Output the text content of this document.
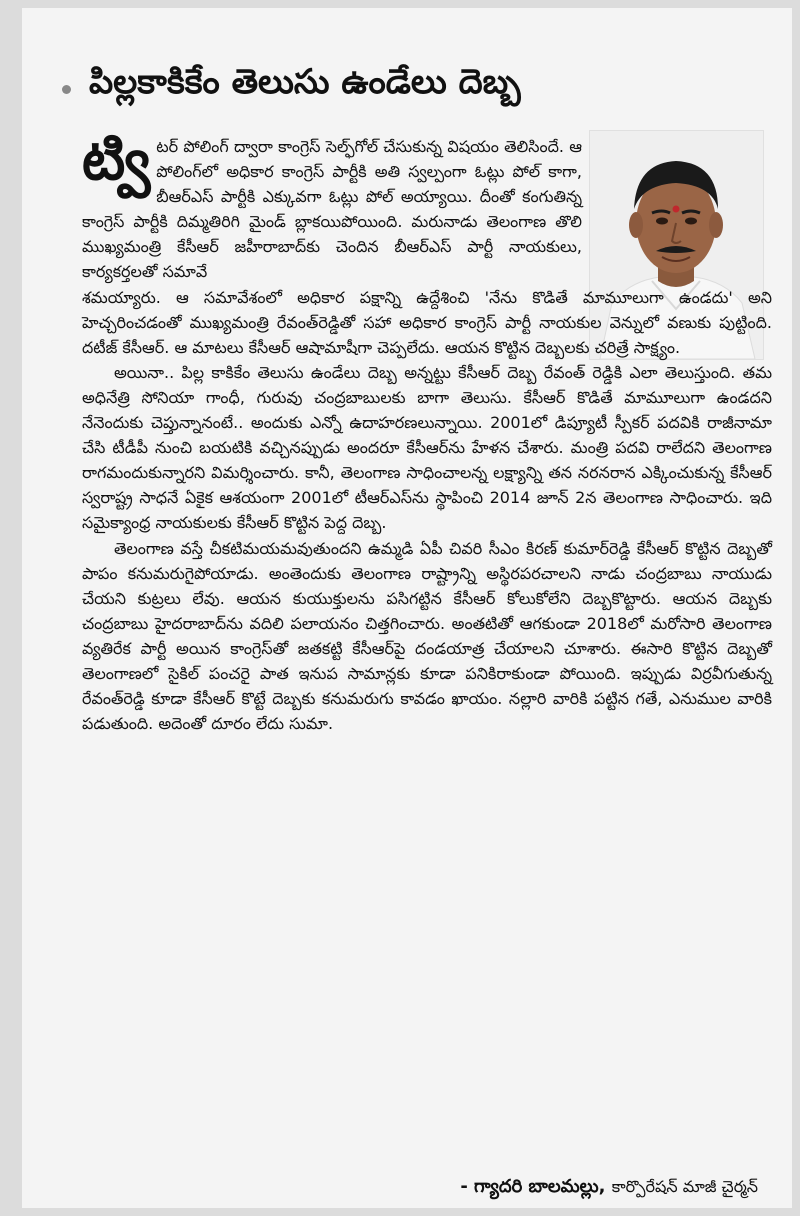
పిల్లకాకికేం తెలుసు ఉండేలు దెబ్బ
ట్వి టర్ పోలింగ్ ద్వారా కాంగ్రెస్ సెల్ఫ్‌గోల్ చేసుకున్న విషయం తెలిసిందే. ఆ పోలింగ్‌లో అధికార కాంగ్రెస్ పార్టీకి అతి స్వల్పంగా ఓట్లు పోల్ కాగా, బీఆర్ఎస్ పార్టీకి ఎక్కువగా ఓట్లు పోల్ అయ్యాయి. దీంతో కంగుతిన్న కాంగ్రెస్ పార్టీకి దిమ్మతిరిగి మైండ్ బ్లాకయిపోయింది. మరునాడు తెలంగాణ తొలి ముఖ్యమంత్రి కేసీఆర్ జహీరాబాద్‌కు చెందిన బీఆర్ఎస్ పార్టీ నాయకులు, కార్యకర్తలతో సమావే

శమయ్యారు. ఆ సమావేశంలో అధికార పక్షాన్ని ఉద్దేశించి 'నేను కొడితే మామూలుగా ఉండదు' అని హెచ్చరించడంతో ముఖ్యమంత్రి రేవంత్‌రెడ్డితో సహా అధికార కాంగ్రెస్ పార్టీ నాయకుల వెన్నులో వణుకు పుట్టింది. దటీజ్ కేసీఆర్. ఆ మాటలు కేసీఆర్ ఆషామాషీగా చెప్పలేదు. ఆయన కొట్టిన దెబ్బలకు చరిత్రే సాక్ష్యం.

అయినా.. పిల్ల కాకికేం తెలుసు ఉండేలు దెబ్బ అన్నట్టు కేసీఆర్ దెబ్బ రేవంత్ రెడ్డికి ఎలా తెలుస్తుంది. తమ అధినేత్రి సోనియా గాంధీ, గురువు చంద్రబాబులకు బాగా తెలుసు. కేసీఆర్ కొడితే మామూలుగా ఉండదని నేనెందుకు చెప్తున్నానంటే.. అందుకు ఎన్నో ఉదాహరణలున్నాయి. 2001లో డిప్యూటీ స్పీకర్ పదవికి రాజీనామా చేసి టీడీపీ నుంచి బయటికి వచ్చినప్పుడు అందరూ కేసీఆర్‌ను హేళన చేశారు. మంత్రి పదవి రాలేదని తెలంగాణ రాగమందుకున్నారని విమర్శించారు. కానీ, తెలంగాణ సాధించాలన్న లక్ష్యాన్ని తన నరనరాన ఎక్కించుకున్న కేసీఆర్ స్వరాష్ట్ర సాధనే ఏకైక ఆశయంగా 2001లో టీఆర్ఎస్‌ను స్థాపించి 2014 జూన్ 2న తెలంగాణ సాధించారు. ఇది సమైక్యాంధ్ర నాయకులకు కేసీఆర్ కొట్టిన పెద్ద దెబ్బ.

తెలంగాణ వస్తే చీకటిమయమవుతుందని ఉమ్మడి ఏపీ చివరి సీఎం కిరణ్ కుమార్‌రెడ్డి కేసీఆర్ కొట్టిన దెబ్బతో పాపం కనుమరుగైపోయాడు. అంతెందుకు తెలంగాణ రాష్ట్రాన్ని అస్థిరపరచాలని నాడు చంద్రబాబు నాయుడు చేయని కుట్రలు లేవు. ఆయన కుయుక్తులను పసిగట్టిన కేసీఆర్ కోలుకోలేని దెబ్బకొట్టారు. ఆయన దెబ్బకు చంద్రబాబు హైదరాబాద్‌ను వదిలి పలాయనం చిత్తగించారు. అంతటితో ఆగకుండా 2018లో మరోసారి తెలంగాణ వ్యతిరేక పార్టీ అయిన కాంగ్రెస్‌తో జతకట్టి కేసీఆర్‌పై దండయాత్ర చేయాలని చూశారు. ఈసారి కొట్టిన దెబ్బతో తెలంగాణలో సైకిల్ పంచరై పాత ఇనుప సామాన్లకు కూడా పనికిరాకుండా పోయింది. ఇప్పుడు విర్రవీగుతున్న రేవంత్‌రెడ్డి కూడా కేసీఆర్ కొట్టే దెబ్బకు కనుమరుగు కావడం ఖాయం. నల్లారి వారికి పట్టిన గతే, ఎనుముల వారికి పడుతుంది. అదెంతో దూరం లేదు సుమా.

- గ్యాదరి బాలమల్లు, కార్పొరేషన్ మాజీ చైర్మన్
